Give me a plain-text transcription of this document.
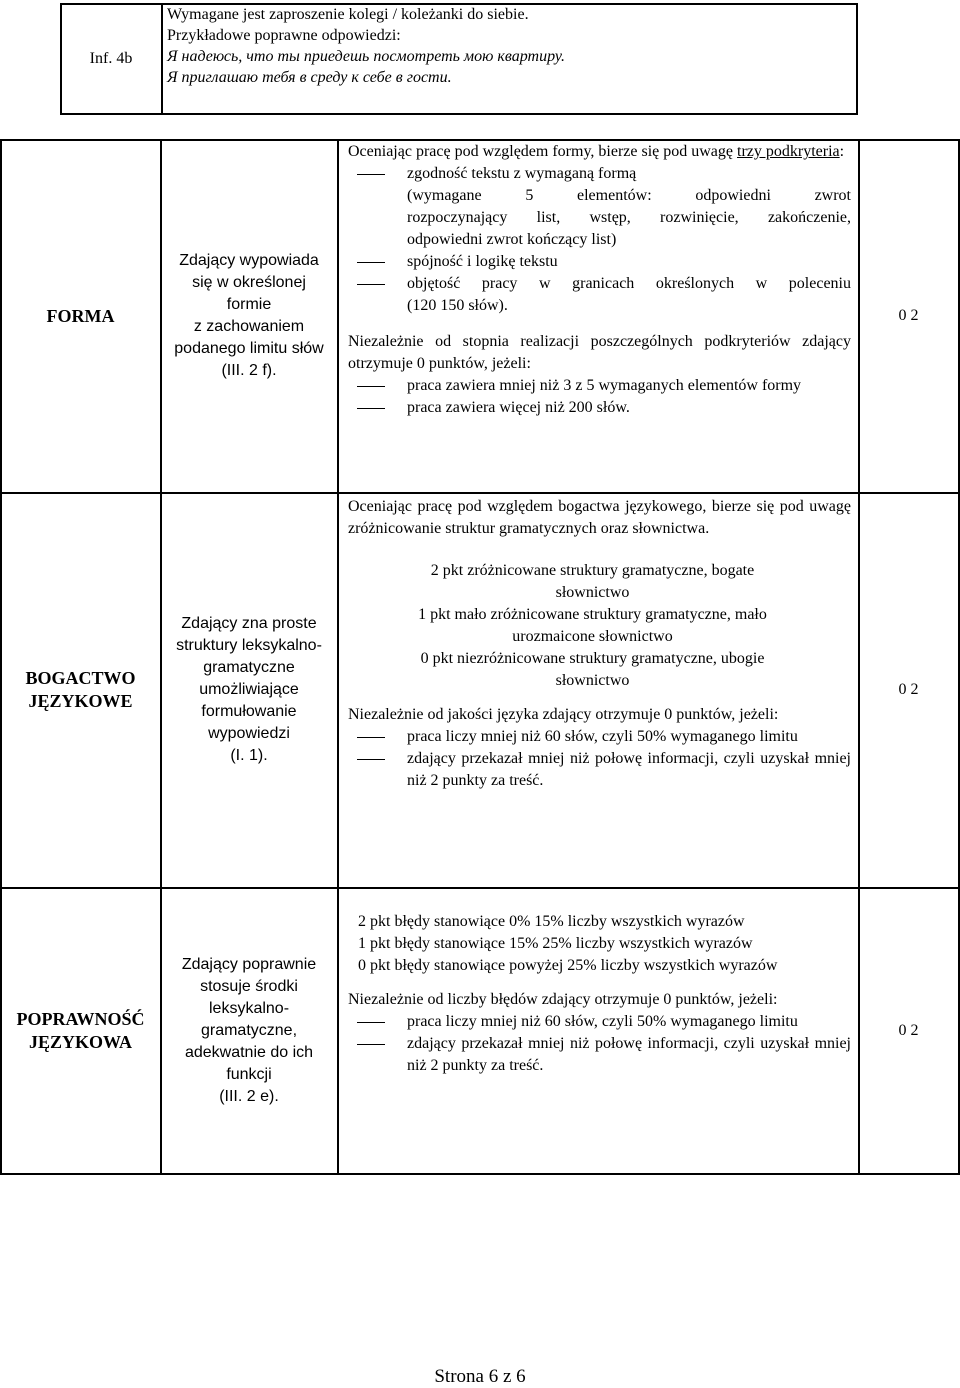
Inf. 4b

Wymagane jest zaproszenie kolegi / koleżanki do siebie.

Przykładowe poprawne odpowiedzi:

Я надеюсь, что ты приедешь посмотреть мою квартиру.

Я приглашаю тебя в среду к себе в гости.

FORMA
Zdający wypowiada
się w określonej
formie
z zachowaniem
podanego limitu słów
(III. 2 f).

Oceniając pracę pod względem formy, bierze się pod uwagę trzy podkryteria:

zgodność tekstu z wymaganą formą
(wymagane 5 elementów: odpowiedni zwrot
rozpoczynający list, wstęp, rozwinięcie, zakończenie,
odpowiedni zwrot kończący list)
spójność i logikę tekstu
objętość pracy w granicach określonych w poleceniu
(120 150 słów).

Niezależnie od stopnia realizacji poszczególnych podkryteriów zdający otrzymuje 0 punktów, jeżeli:

praca zawiera mniej niż 3 z 5 wymaganych elementów formy
praca zawiera więcej niż 200 słów.
0 2
BOGACTWO
JĘZYKOWE
Zdający zna proste
struktury leksykalno-
gramatyczne
umożliwiające
formułowanie
wypowiedzi
(I. 1).

Oceniając pracę pod względem bogactwa językowego, bierze się pod uwagę zróżnicowanie struktur gramatycznych oraz słownictwa.

2 pkt zróżnicowane struktury gramatyczne, bogate
słownictwo
1 pkt mało zróżnicowane struktury gramatyczne, mało
urozmaicone słownictwo
0 pkt niezróżnicowane struktury gramatyczne, ubogie
słownictwo

Niezależnie od jakości języka zdający otrzymuje 0 punktów, jeżeli:

praca liczy mniej niż 60 słów, czyli 50% wymaganego limitu
zdający przekazał mniej niż połowę informacji, czyli uzyskał mniej niż 2 punkty za treść.
0 2
POPRAWNOŚĆ
JĘZYKOWA
Zdający poprawnie
stosuje środki
leksykalno-
gramatyczne,
adekwatnie do ich
funkcji
(III. 2 e).
2 pkt błędy stanowiące 0% 15% liczby wszystkich wyrazów
1 pkt błędy stanowiące 15% 25% liczby wszystkich wyrazów
0 pkt błędy stanowiące powyżej 25% liczby wszystkich wyrazów

Niezależnie od liczby błędów zdający otrzymuje 0 punktów, jeżeli:

praca liczy mniej niż 60 słów, czyli 50% wymaganego limitu
zdający przekazał mniej niż połowę informacji, czyli uzyskał mniej niż 2 punkty za treść.
0 2
Strona 6 z 6
